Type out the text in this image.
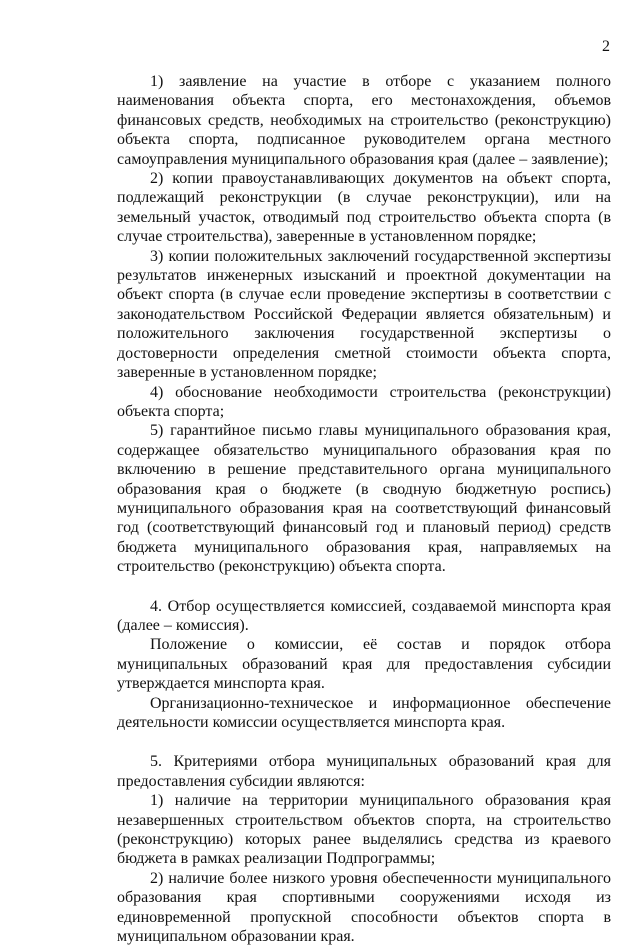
2

1) заявление на участие в отборе с указанием полного наименования объекта спорта, его местонахождения, объемов финансовых средств, необходимых на строительство (реконструкцию) объекта спорта, подписанное руководителем органа местного самоуправления муниципального образования края (далее – заявление);

2) копии правоустанавливающих документов на объект спорта, подлежащий реконструкции (в случае реконструкции), или на земельный участок, отводимый под строительство объекта спорта (в случае строительства), заверенные в установленном порядке;

3) копии положительных заключений государственной экспертизы результатов инженерных изысканий и проектной документации на объект спорта (в случае если проведение экспертизы в соответствии с законодательством Российской Федерации является обязательным) и положительного заключения государственной экспертизы о достоверности определения сметной стоимости объекта спорта, заверенные в установленном порядке;

4) обоснование необходимости строительства (реконструкции) объекта спорта;

5) гарантийное письмо главы муниципального образования края, содержащее обязательство муниципального образования края по включению в решение представительного органа муниципального образования края о бюджете (в сводную бюджетную роспись) муниципального образования края на соответствующий финансовый год (соответствующий финансовый год и плановый период) средств бюджета муниципального образования края, направляемых на строительство (реконструкцию) объекта спорта.

4. Отбор осуществляется комиссией, создаваемой минспорта края (далее – комиссия).

Положение о комиссии, её состав и порядок отбора муниципальных образований края для предоставления субсидии утверждается минспорта края.

Организационно-техническое и информационное обеспечение деятельности комиссии осуществляется минспорта края.

5. Критериями отбора муниципальных образований края для предоставления субсидии являются:

1) наличие на территории муниципального образования края незавершенных строительством объектов спорта, на строительство (реконструкцию) которых ранее выделялись средства из краевого бюджета в рамках реализации Подпрограммы;

2) наличие более низкого уровня обеспеченности муниципального образования края спортивными сооружениями исходя из единовременной пропускной способности объектов спорта в муниципальном образовании края.
